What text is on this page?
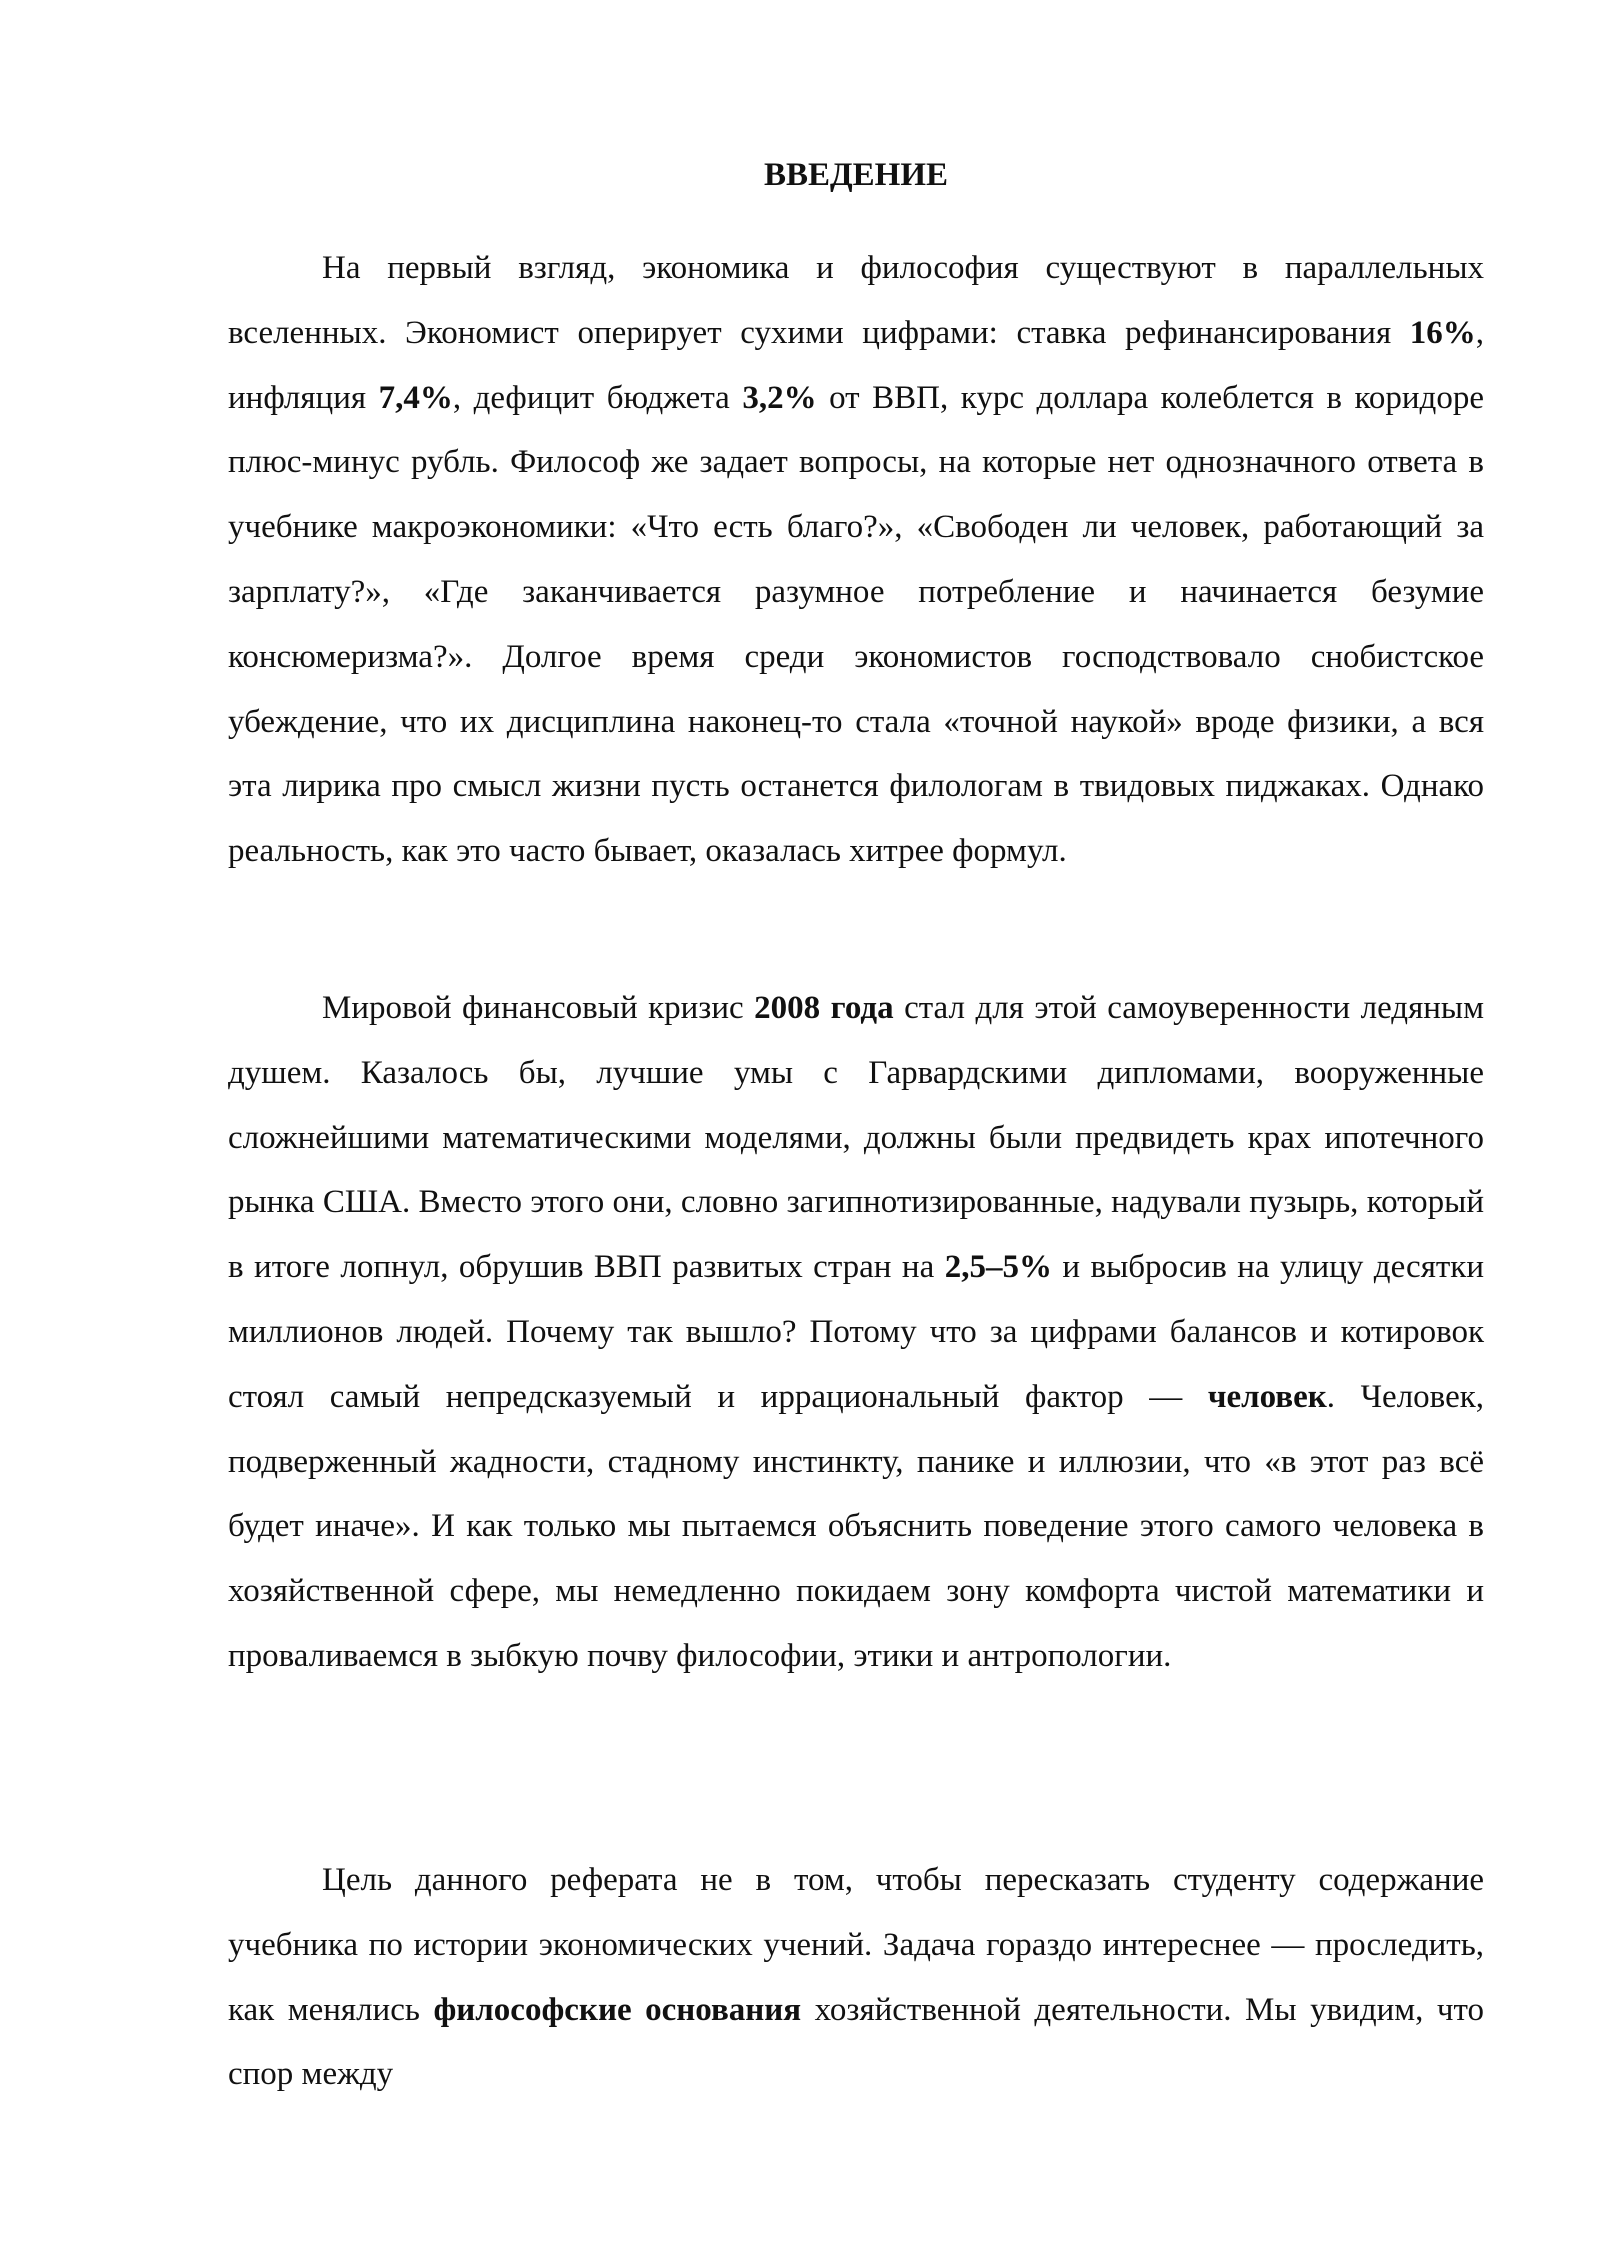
ВВЕДЕНИЕ

На первый взгляд, экономика и философия существуют в параллельных вселенных. Экономист оперирует сухими цифрами: ставка рефинансирования 16%, инфляция 7,4%, дефицит бюджета 3,2% от ВВП, курс доллара колеблется в коридоре плюс-минус рубль. Философ же задает вопросы, на которые нет однозначного ответа в учебнике макроэкономики: «Что есть благо?», «Свободен ли человек, работающий за зарплату?», «Где заканчивается разумное потребление и начинается безумие консюмеризма?». Долгое время среди экономистов господствовало снобистское убеждение, что их дисциплина наконец-то стала «точной наукой» вроде физики, а вся эта лирика про смысл жизни пусть останется филологам в твидовых пиджаках. Однако реальность, как это часто бывает, оказалась хитрее формул.

Мировой финансовый кризис 2008 года стал для этой самоуверенности ледяным душем. Казалось бы, лучшие умы с Гарвардскими дипломами, вооруженные сложнейшими математическими моделями, должны были предвидеть крах ипотечного рынка США. Вместо этого они, словно загипнотизированные, надували пузырь, который в итоге лопнул, обрушив ВВП развитых стран на 2,5–5% и выбросив на улицу десятки миллионов людей. Почему так вышло? Потому что за цифрами балансов и котировок стоял самый непредсказуемый и иррациональный фактор — человек. Человек, подверженный жадности, стадному инстинкту, панике и иллюзии, что «в этот раз всё будет иначе». И как только мы пытаемся объяснить поведение этого самого человека в хозяйственной сфере, мы немедленно покидаем зону комфорта чистой математики и проваливаемся в зыбкую почву философии, этики и антропологии.

Цель данного реферата не в том, чтобы пересказать студенту содержание учебника по истории экономических учений. Задача гораздо интереснее — проследить, как менялись философские основания хозяйственной деятельности. Мы увидим, что спор между
